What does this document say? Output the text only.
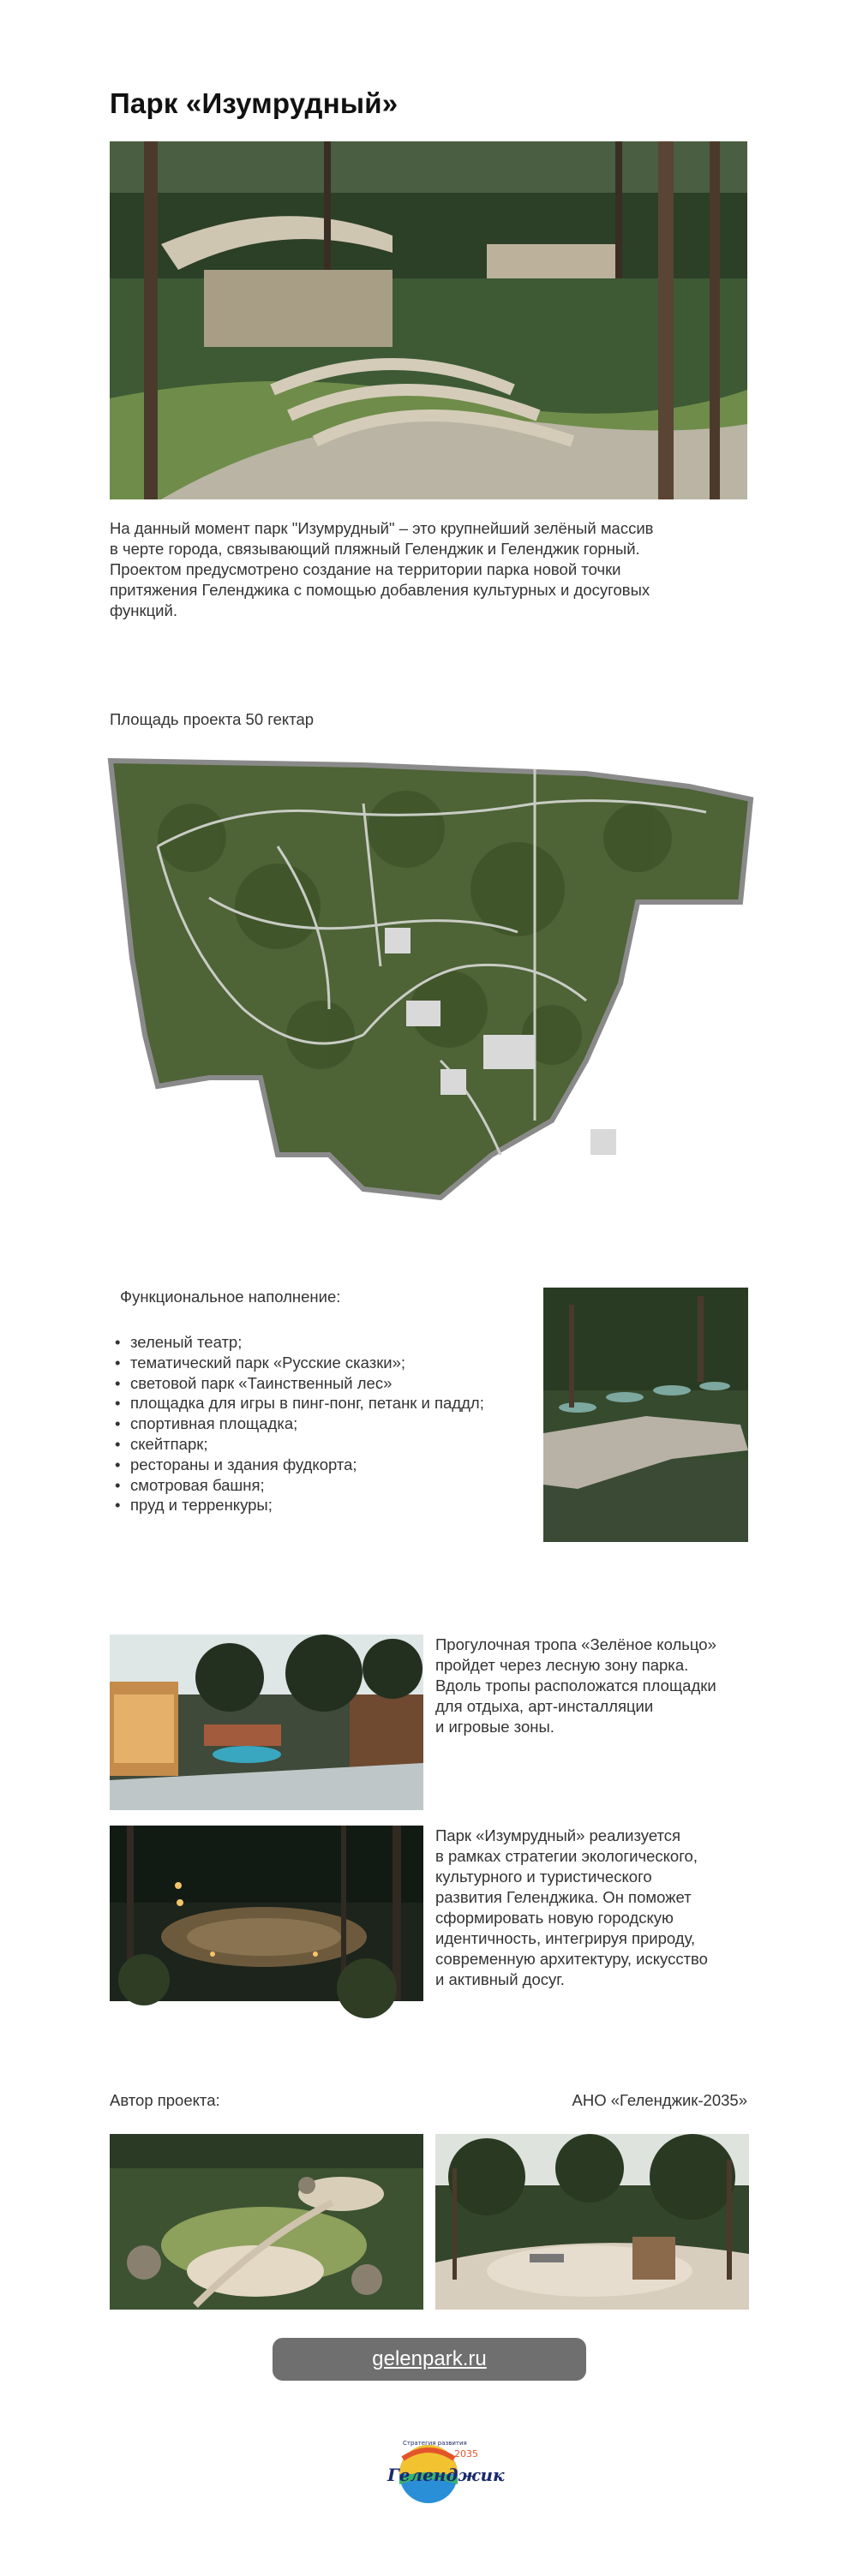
Парк «Изумрудный»
На данный момент парк "Изумрудный" – это крупнейший зелёный массив
в черте города, связывающий пляжный Геленджик и Геленджик горный.
Проектом предусмотрено создание на территории парка новой точки
притяжения Геленджика с помощью добавления культурных и досуговых
функций.
Площадь проекта 50 гектар
Функциональное наполнение:
• зеленый театр;
• тематический парк «Русские сказки»;
• световой парк «Таинственный лес»
• площадка для игры в пинг-понг, петанк и паддл;
• спортивная площадка;
• скейтпарк;
• рестораны и здания фудкорта;
• смотровая башня;
• пруд и терренкуры;
Прогулочная тропа «Зелёное кольцо»
пройдет через лесную зону парка.
Вдоль тропы расположатся площадки
для отдыха, арт-инсталляции
и игровые зоны.
Парк «Изумрудный» реализуется
в рамках стратегии экологического,
культурного и туристического
развития Геленджика. Он поможет
сформировать новую городскую
идентичность, интегрируя природу,
современную архитектуру, искусство
и активный досуг.
Автор проекта:	АНО «Геленджик-2035»
gelenpark.ru
Геленджик
2035
Стратегия развития
